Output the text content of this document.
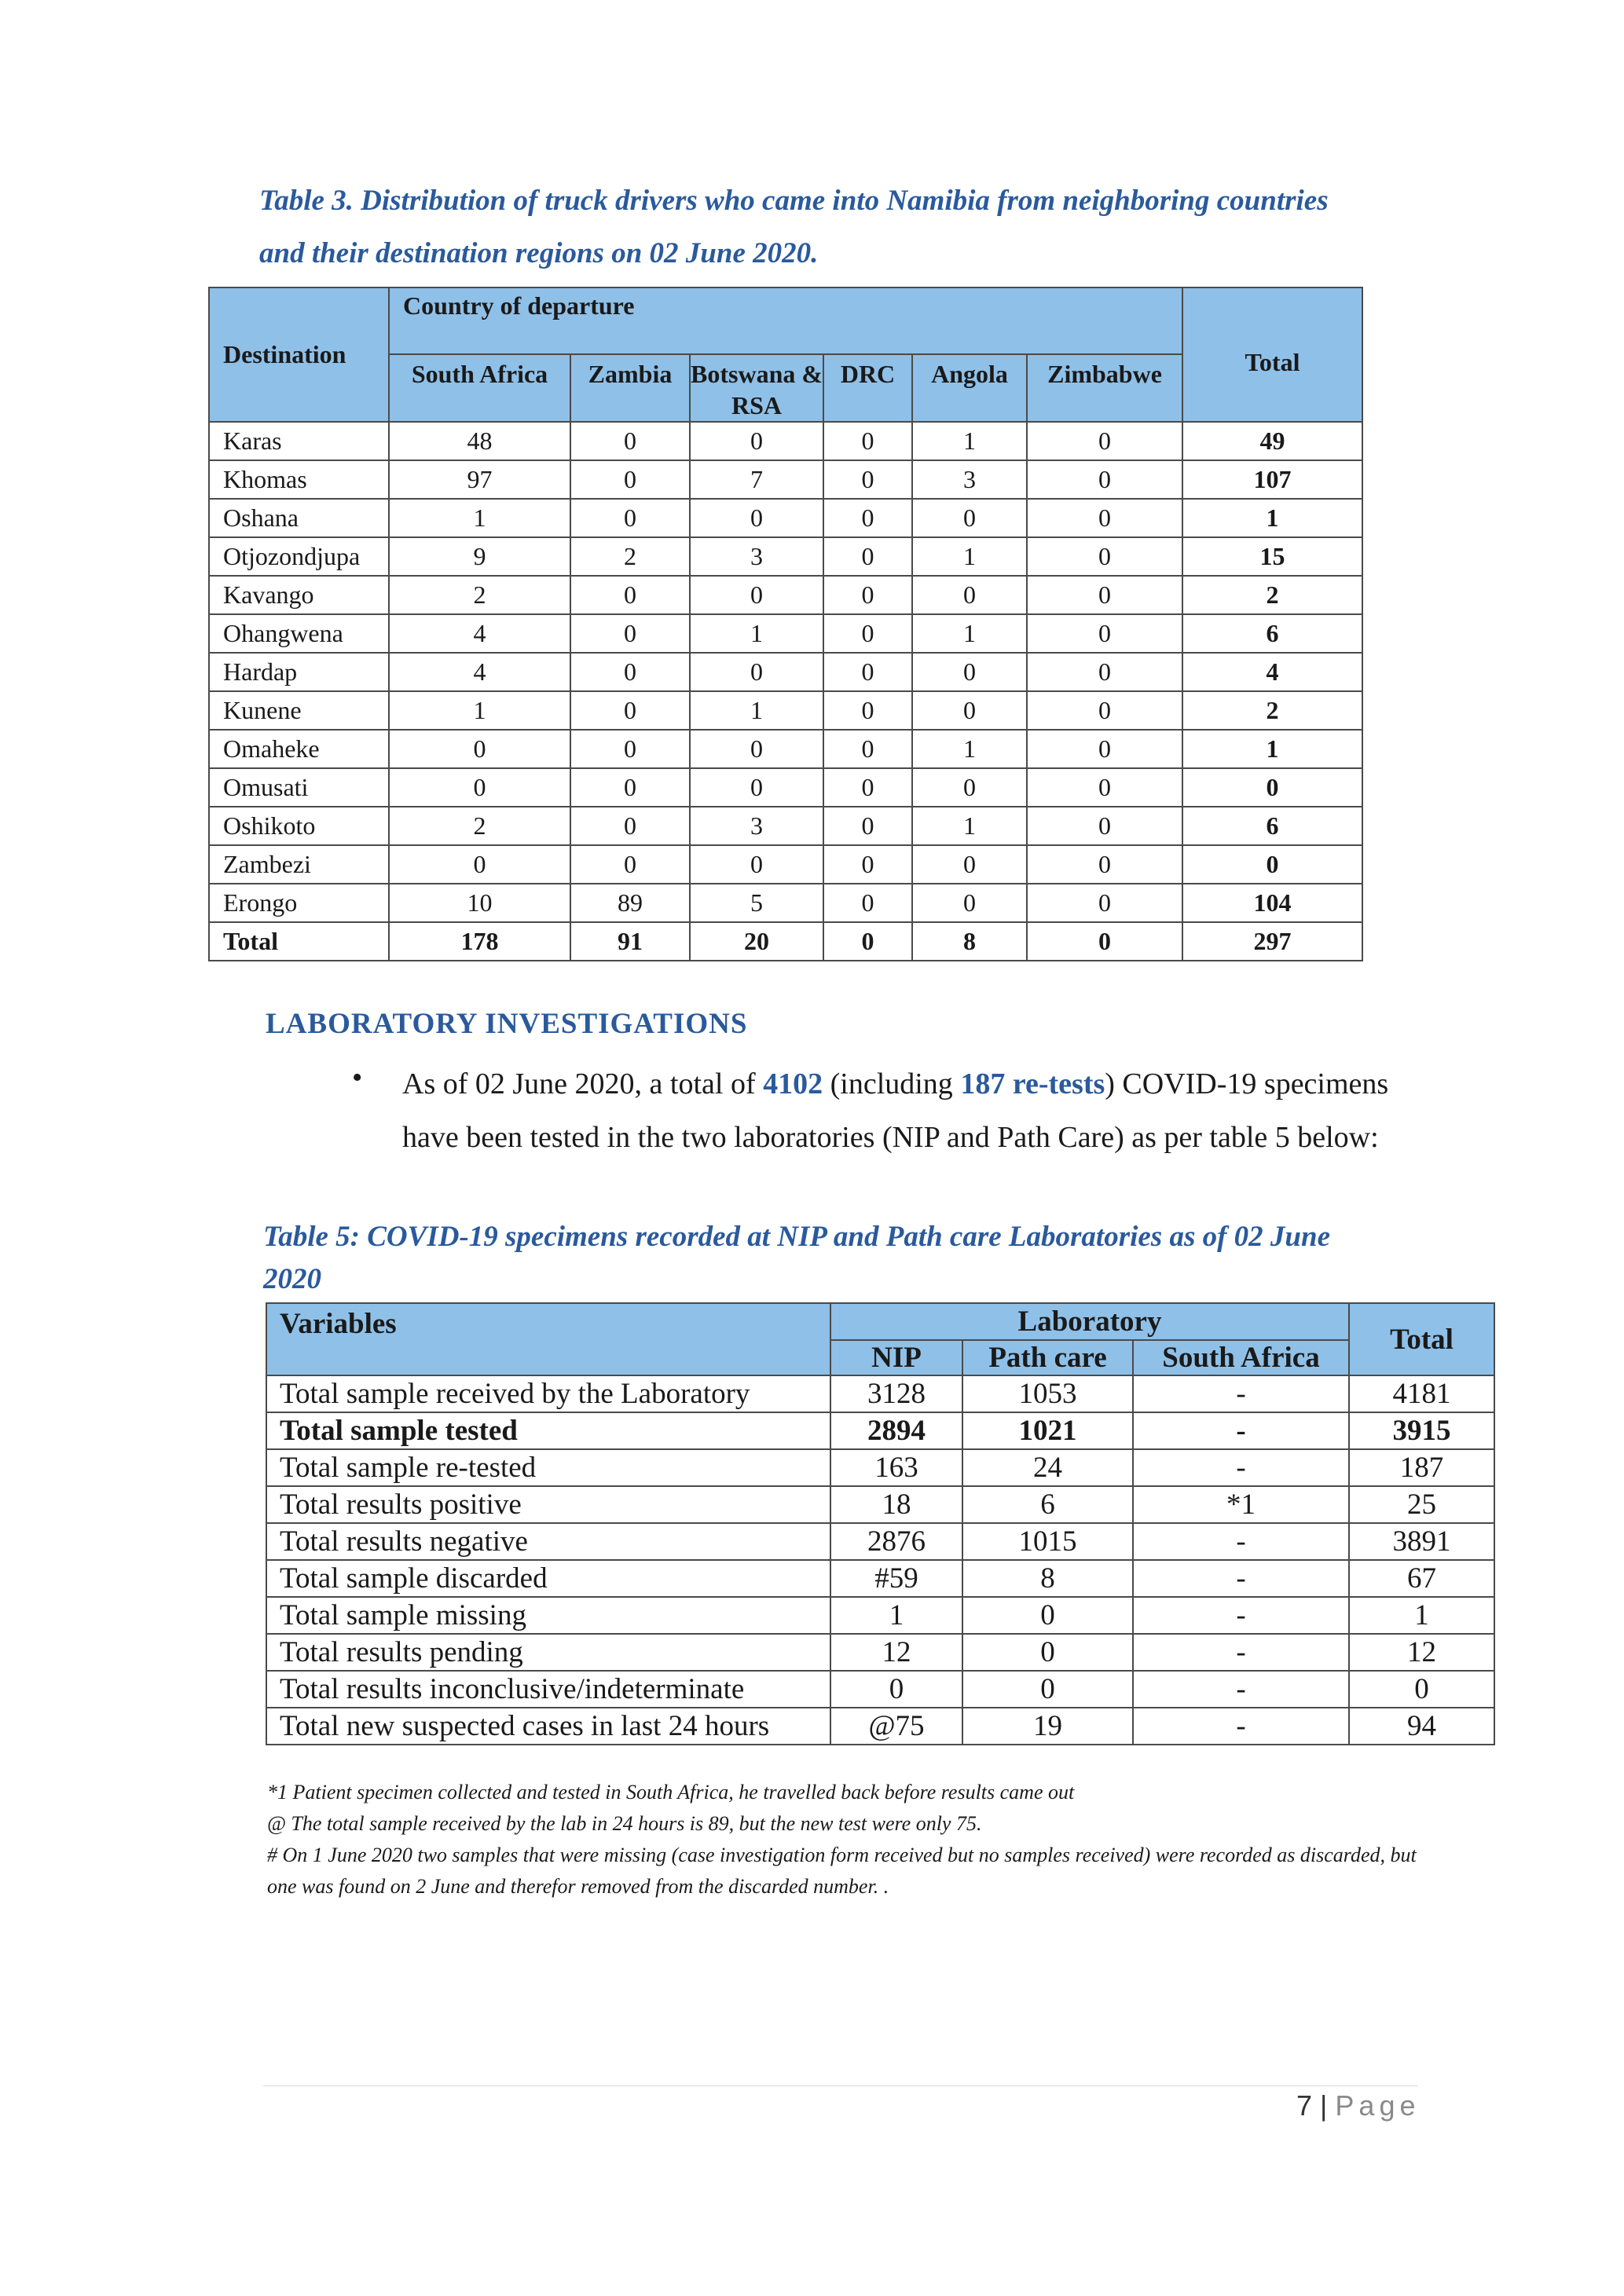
Table 3. Distribution of truck drivers who came into Namibia from neighboring countries
and their destination regions on 02 June 2020.
Destination	Country of departure						Total
	South Africa	Zambia	Botswana & RSA	DRC	Angola	Zimbabwe	
Karas	48	0	0	0	1	0	49
Khomas	97	0	7	0	3	0	107
Oshana	1	0	0	0	0	0	1
Otjozondjupa	9	2	3	0	1	0	15
Kavango	2	0	0	0	0	0	2
Ohangwena	4	0	1	0	1	0	6
Hardap	4	0	0	0	0	0	4
Kunene	1	0	1	0	0	0	2
Omaheke	0	0	0	0	1	0	1
Omusati	0	0	0	0	0	0	0
Oshikoto	2	0	3	0	1	0	6
Zambezi	0	0	0	0	0	0	0
Erongo	10	89	5	0	0	0	104
Total	178	91	20	0	8	0	297
LABORATORY INVESTIGATIONS
• As of 02 June 2020, a total of 4102 (including 187 re-tests) COVID-19 specimens have been tested in the two laboratories (NIP and Path Care) as per table 5 below:
Table 5: COVID-19 specimens recorded at NIP and Path care Laboratories as of 02 June
2020
Variables	Laboratory			Total
	NIP	Path care	South Africa	
Total sample received by the Laboratory	3128	1053	-	4181
Total sample tested	2894	1021	-	3915
Total sample re-tested	163	24	-	187
Total results positive	18	6	*1	25
Total results negative	2876	1015	-	3891
Total sample discarded	#59	8	-	67
Total sample missing	1	0	-	1
Total results pending	12	0	-	12
Total results inconclusive/indeterminate	0	0	-	0
Total new suspected cases in last 24 hours	@75	19	-	94

*1 Patient specimen collected and tested in South Africa, he travelled back before results came out

@ The total sample received by the lab in 24 hours is 89, but the new test were only 75.

# On 1 June 2020 two samples that were missing (case investigation form received but no samples received) were recorded as discarded, but one was found on 2 June and therefor removed from the discarded number. .

7 | Page
